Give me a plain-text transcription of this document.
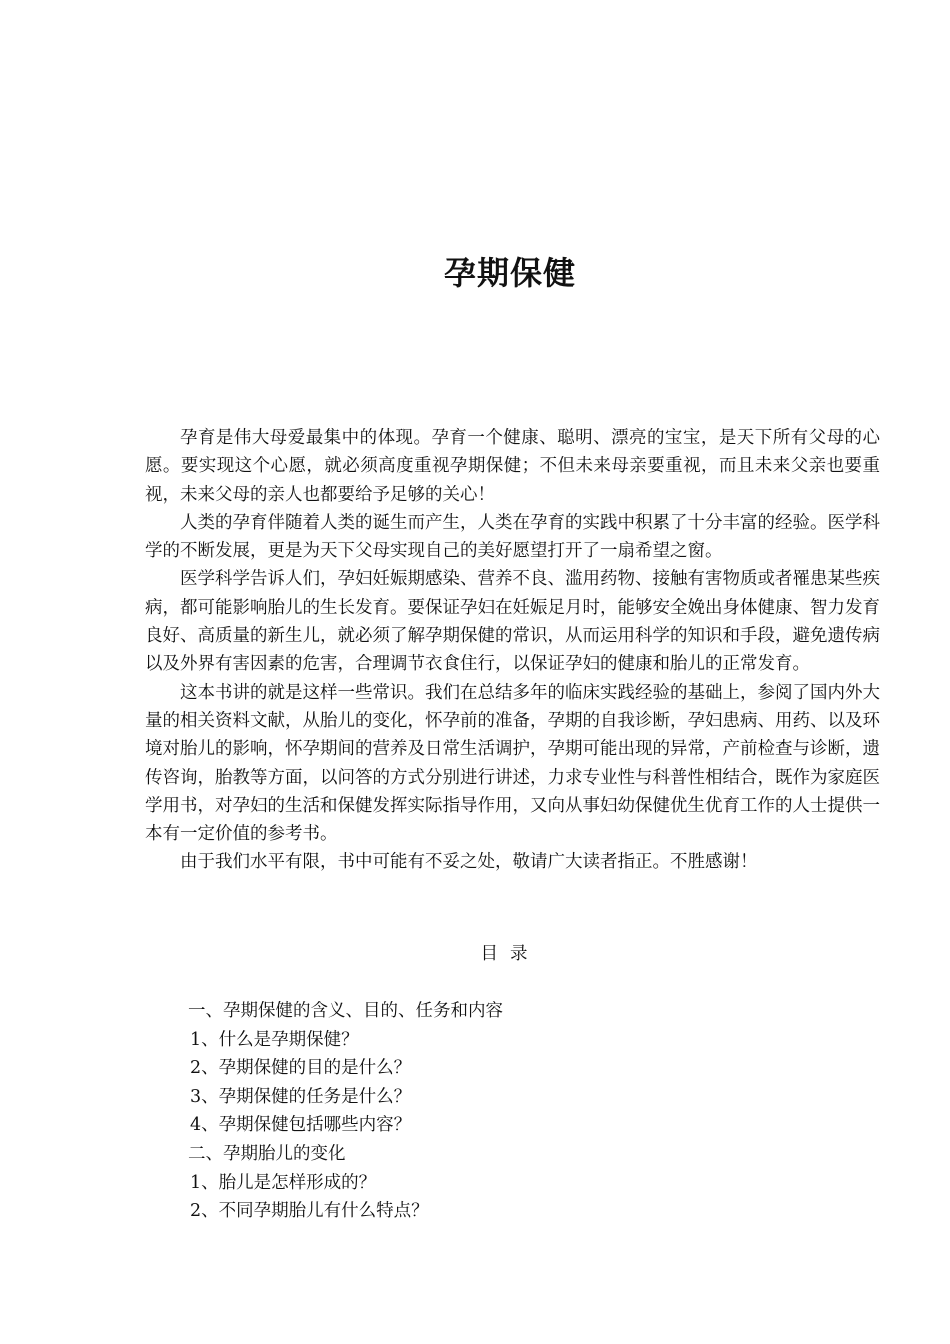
孕期保健

孕育是伟大母爱最集中的体现。孕育一个健康、聪明、漂亮的宝宝，是天下所有父母的心愿。要实现这个心愿，就必须高度重视孕期保健；不但未来母亲要重视，而且未来父亲也要重视，未来父母的亲人也都要给予足够的关心！

人类的孕育伴随着人类的诞生而产生，人类在孕育的实践中积累了十分丰富的经验。医学科学的不断发展，更是为天下父母实现自己的美好愿望打开了一扇希望之窗。

医学科学告诉人们，孕妇妊娠期感染、营养不良、滥用药物、接触有害物质或者罹患某些疾病，都可能影响胎儿的生长发育。要保证孕妇在妊娠足月时，能够安全娩出身体健康、智力发育良好、高质量的新生儿，就必须了解孕期保健的常识，从而运用科学的知识和手段，避免遗传病以及外界有害因素的危害，合理调节衣食住行，以保证孕妇的健康和胎儿的正常发育。

这本书讲的就是这样一些常识。我们在总结多年的临床实践经验的基础上，参阅了国内外大量的相关资料文献，从胎儿的变化，怀孕前的准备，孕期的自我诊断，孕妇患病、用药、以及环境对胎儿的影响，怀孕期间的营养及日常生活调护，孕期可能出现的异常，产前检查与诊断，遗传咨询，胎教等方面，以问答的方式分别进行讲述，力求专业性与科普性相结合，既作为家庭医学用书，对孕妇的生活和保健发挥实际指导作用，又向从事妇幼保健优生优育工作的人士提供一本有一定价值的参考书。

由于我们水平有限，书中可能有不妥之处，敬请广大读者指正。不胜感谢！

目录
一、孕期保健的含义、目的、任务和内容
1、什么是孕期保健？
2、孕期保健的目的是什么？
3、孕期保健的任务是什么？
4、孕期保健包括哪些内容？
二、孕期胎儿的变化
1、胎儿是怎样形成的？
2、不同孕期胎儿有什么特点？
